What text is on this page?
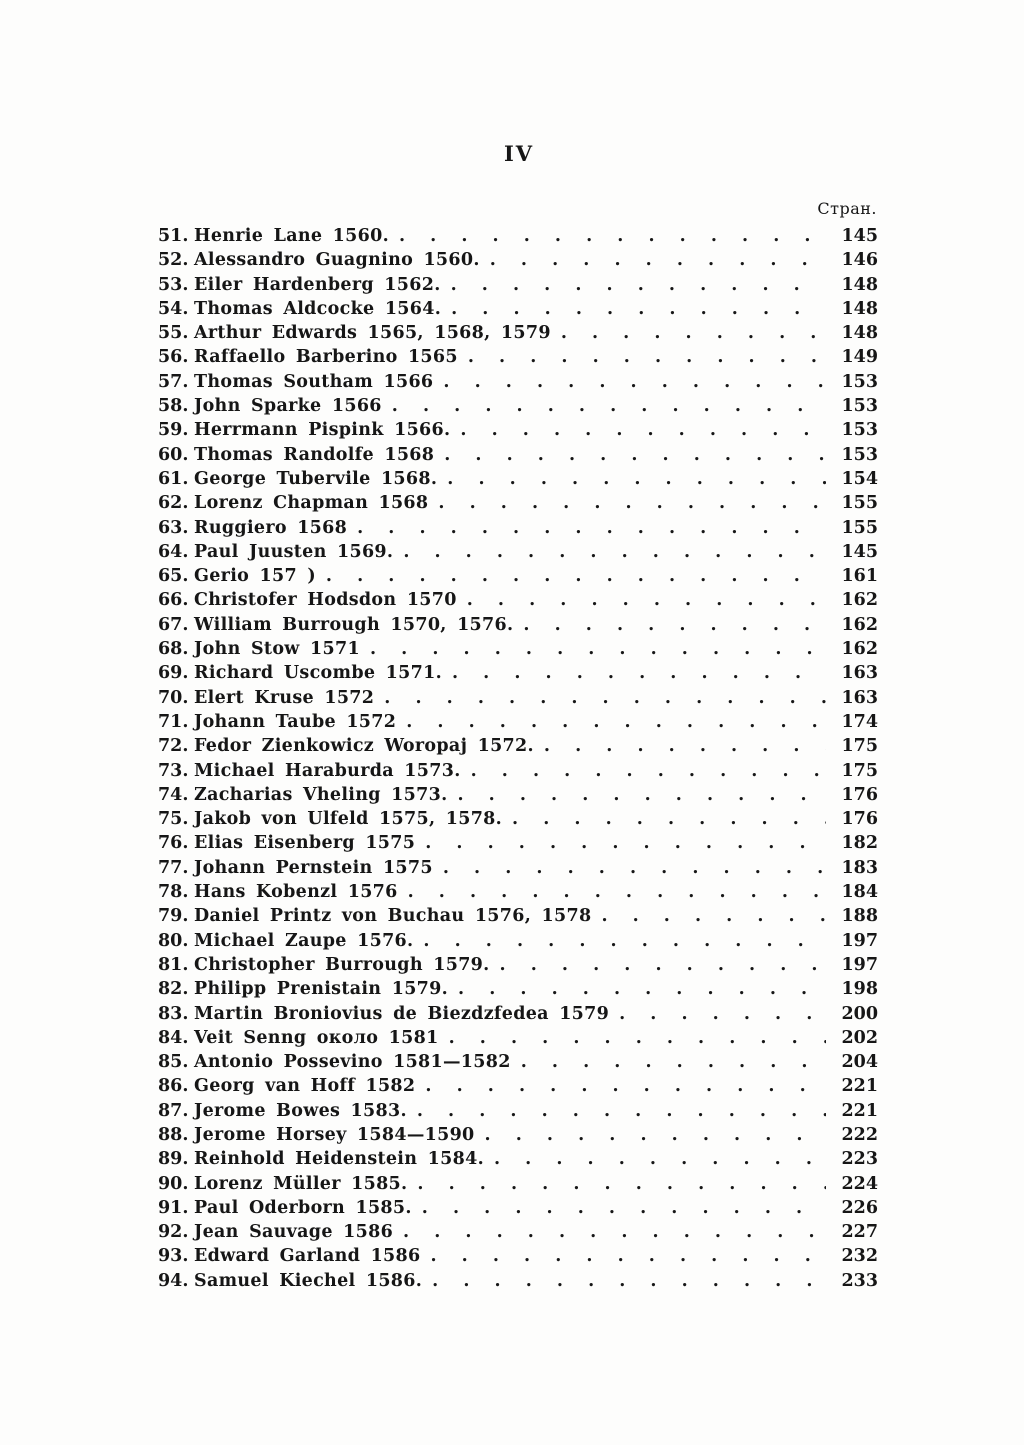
IV
Стран.
51. Henrie Lane 1560. . . .	145
52. Alessandro Guagnino 1560. . . .	146
53. Eiler Hardenberg 1562. . . .	148
54. Thomas Aldcocke 1564. . . .	148
55. Arthur Edwards 1565, 1568, 1579 . . .	148
56. Raffaello Barberino 1565 . . .	149
57. Thomas Southam 1566 . . .	153
58. John Sparke 1566 . . .	153
59. Herrmann Pispink 1566. . . .	153
60. Thomas Randolfe 1568 . . .	153
61. George Tubervile 1568. . . .	154
62. Lorenz Chapman 1568 . . .	155
63. Ruggiero 1568 . . .	155
64. Paul Juusten 1569. . . .	145
65. Gerio 157 ) . . .	161
66. Christofer Hodsdon 1570 . . .	162
67. William Burrough 1570, 1576. . . .	162
68. John Stow 1571 . . .	162
69. Richard Uscombe 1571. . . .	163
70. Elert Kruse 1572 . . .	163
71. Johann Taube 1572 . . .	174
72. Fedor Zienkowicz Woropaj 1572. . . .	175
73. Michael Haraburda 1573. . . .	175
74. Zacharias Vheling 1573. . . .	176
75. Jakob von Ulfeld 1575, 1578. . . .	176
76. Elias Eisenberg 1575 . . .	182
77. Johann Pernstein 1575 . . .	183
78. Hans Kobenzl 1576 . . .	184
79. Daniel Printz von Buchau 1576, 1578 . . .	188
80. Michael Zaupe 1576. . . .	197
81. Christopher Burrough 1579. . . .	197
82. Philipp Prenistain 1579. . . .	198
83. Martin Broniovius de Biezdzfedea 1579 . . .	200
84. Veit Senng около 1581 . . .	202
85. Antonio Possevino 1581—1582 . . .	204
86. Georg van Hoff 1582 . . .	221
87. Jerome Bowes 1583. . . .	221
88. Jerome Horsey 1584—1590 . . .	222
89. Reinhold Heidenstein 1584. . . .	223
90. Lorenz Müller 1585. . . .	224
91. Paul Oderborn 1585. . . .	226
92. Jean Sauvage 1586 . . .	227
93. Edward Garland 1586 . . .	232
94. Samuel Kiechel 1586. . . .	233
